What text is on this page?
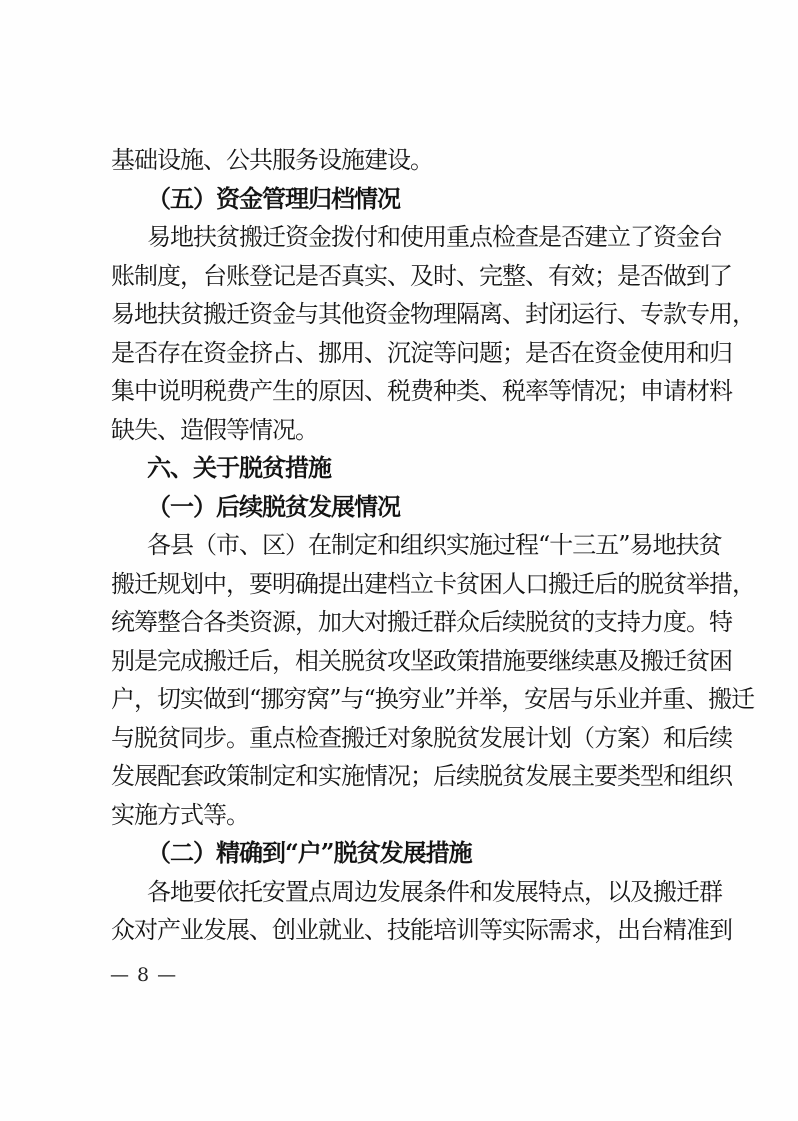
基础设施、公共服务设施建设。
（五）资金管理归档情况
易地扶贫搬迁资金拨付和使用重点检查是否建立了资金台
账制度，台账登记是否真实、及时、完整、有效；是否做到了
易地扶贫搬迁资金与其他资金物理隔离、封闭运行、专款专用，
是否存在资金挤占、挪用、沉淀等问题；是否在资金使用和归
集中说明税费产生的原因、税费种类、税率等情况；申请材料
缺失、造假等情况。
六、关于脱贫措施
（一）后续脱贫发展情况
各县（市、区）在制定和组织实施过程“十三五”易地扶贫
搬迁规划中，要明确提出建档立卡贫困人口搬迁后的脱贫举措，
统筹整合各类资源，加大对搬迁群众后续脱贫的支持力度。特
别是完成搬迁后，相关脱贫攻坚政策措施要继续惠及搬迁贫困
户，切实做到“挪穷窝”与“换穷业”并举，安居与乐业并重、搬迁
与脱贫同步。重点检查搬迁对象脱贫发展计划（方案）和后续
发展配套政策制定和实施情况；后续脱贫发展主要类型和组织
实施方式等。
（二）精确到“户”脱贫发展措施
各地要依托安置点周边发展条件和发展特点，以及搬迁群
众对产业发展、创业就业、技能培训等实际需求，出台精准到
— 8 —
